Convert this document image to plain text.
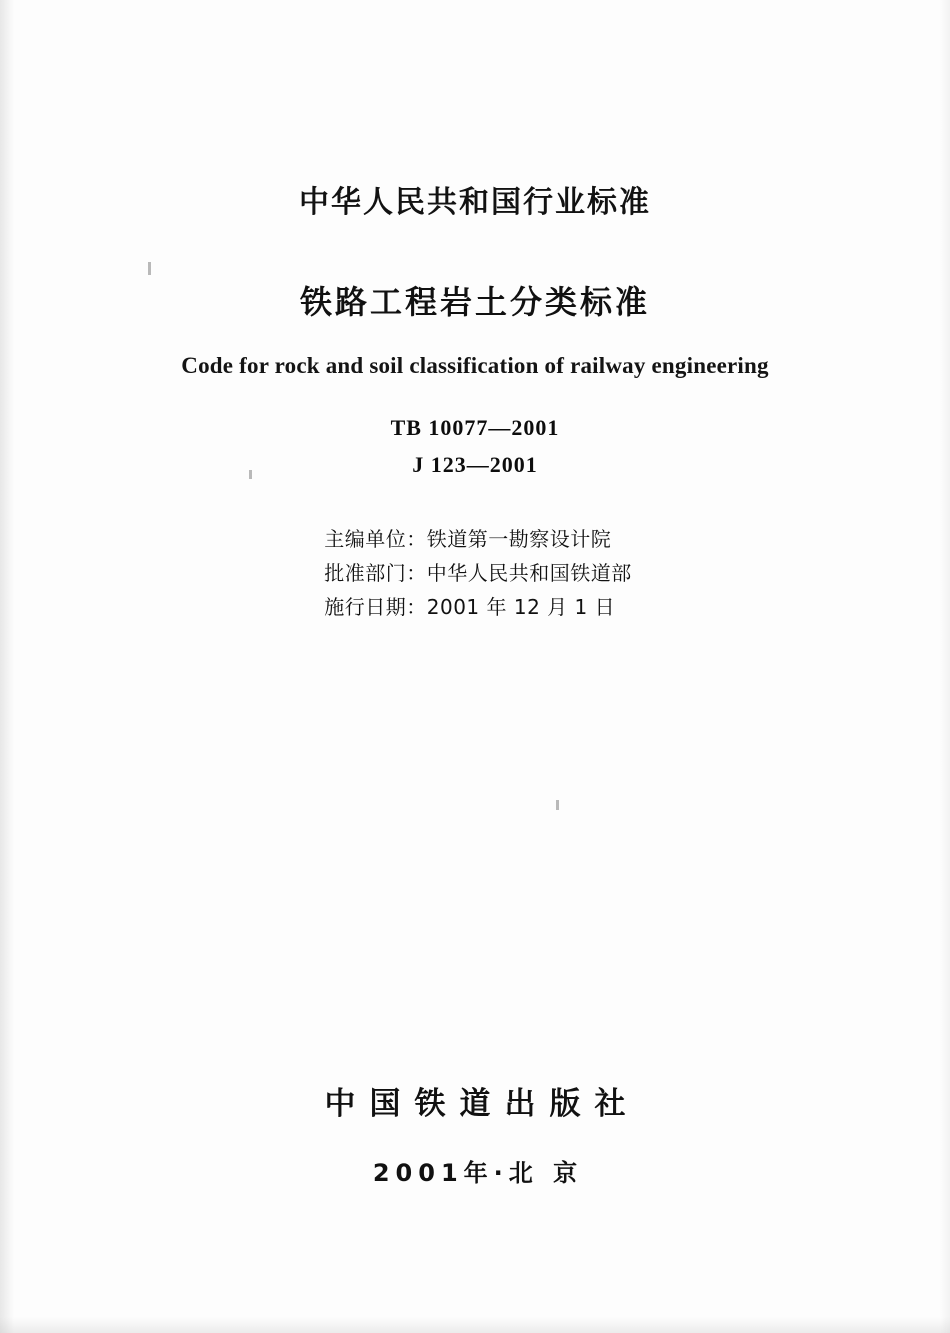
中华人民共和国行业标准
铁路工程岩土分类标准
Code for rock and soil classification of railway engineering
TB 10077—2001
J 123—2001
主编单位：铁道第一勘察设计院
批准部门：中华人民共和国铁道部
施行日期：2001 年 12 月 1 日
中国铁道出版社
2001年·北 京
